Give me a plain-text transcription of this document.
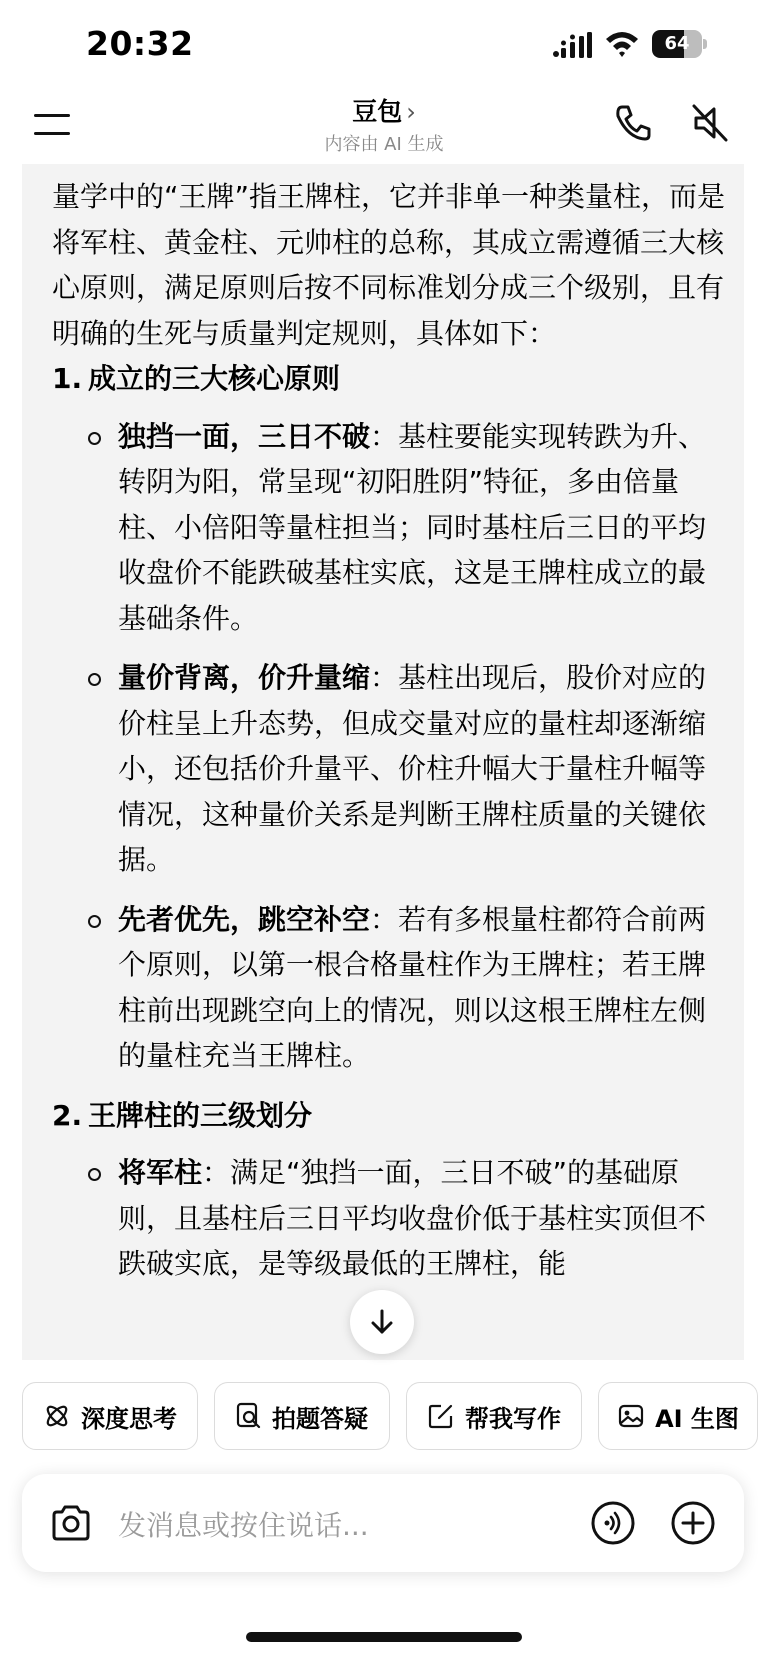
20:32	64
豆包 ›
内容由 AI 生成

量学中的“王牌”指王牌柱，它并非单一种类量柱，而是将军柱、黄金柱、元帅柱的总称，其成立需遵循三大核心原则，满足原则后按不同标准划分成三个级别，且有明确的生死与质量判定规则，具体如下：

1. 成立的三大核心原则

独挡一面，三日不破：基柱要能实现转跌为升、转阴为阳，常呈现“初阳胜阴”特征，多由倍量柱、小倍阳等量柱担当；同时基柱后三日的平均收盘价不能跌破基柱实底，这是王牌柱成立的最基础条件。
量价背离，价升量缩：基柱出现后，股价对应的价柱呈上升态势，但成交量对应的量柱却逐渐缩小，还包括价升量平、价柱升幅大于量柱升幅等情况，这种量价关系是判断王牌柱质量的关键依据。
先者优先，跳空补空：若有多根量柱都符合前两个原则，以第一根合格量柱作为王牌柱；若王牌柱前出现跳空向上的情况，则以这根王牌柱左侧的量柱充当王牌柱。

2. 王牌柱的三级划分

将军柱：满足“独挡一面，三日不破”的基础原则，且基柱后三日平均收盘价低于基柱实顶但不跌破实底，是等级最低的王牌柱，能
深度思考	拍题答疑	帮我写作	AI 生图
发消息或按住说话...
